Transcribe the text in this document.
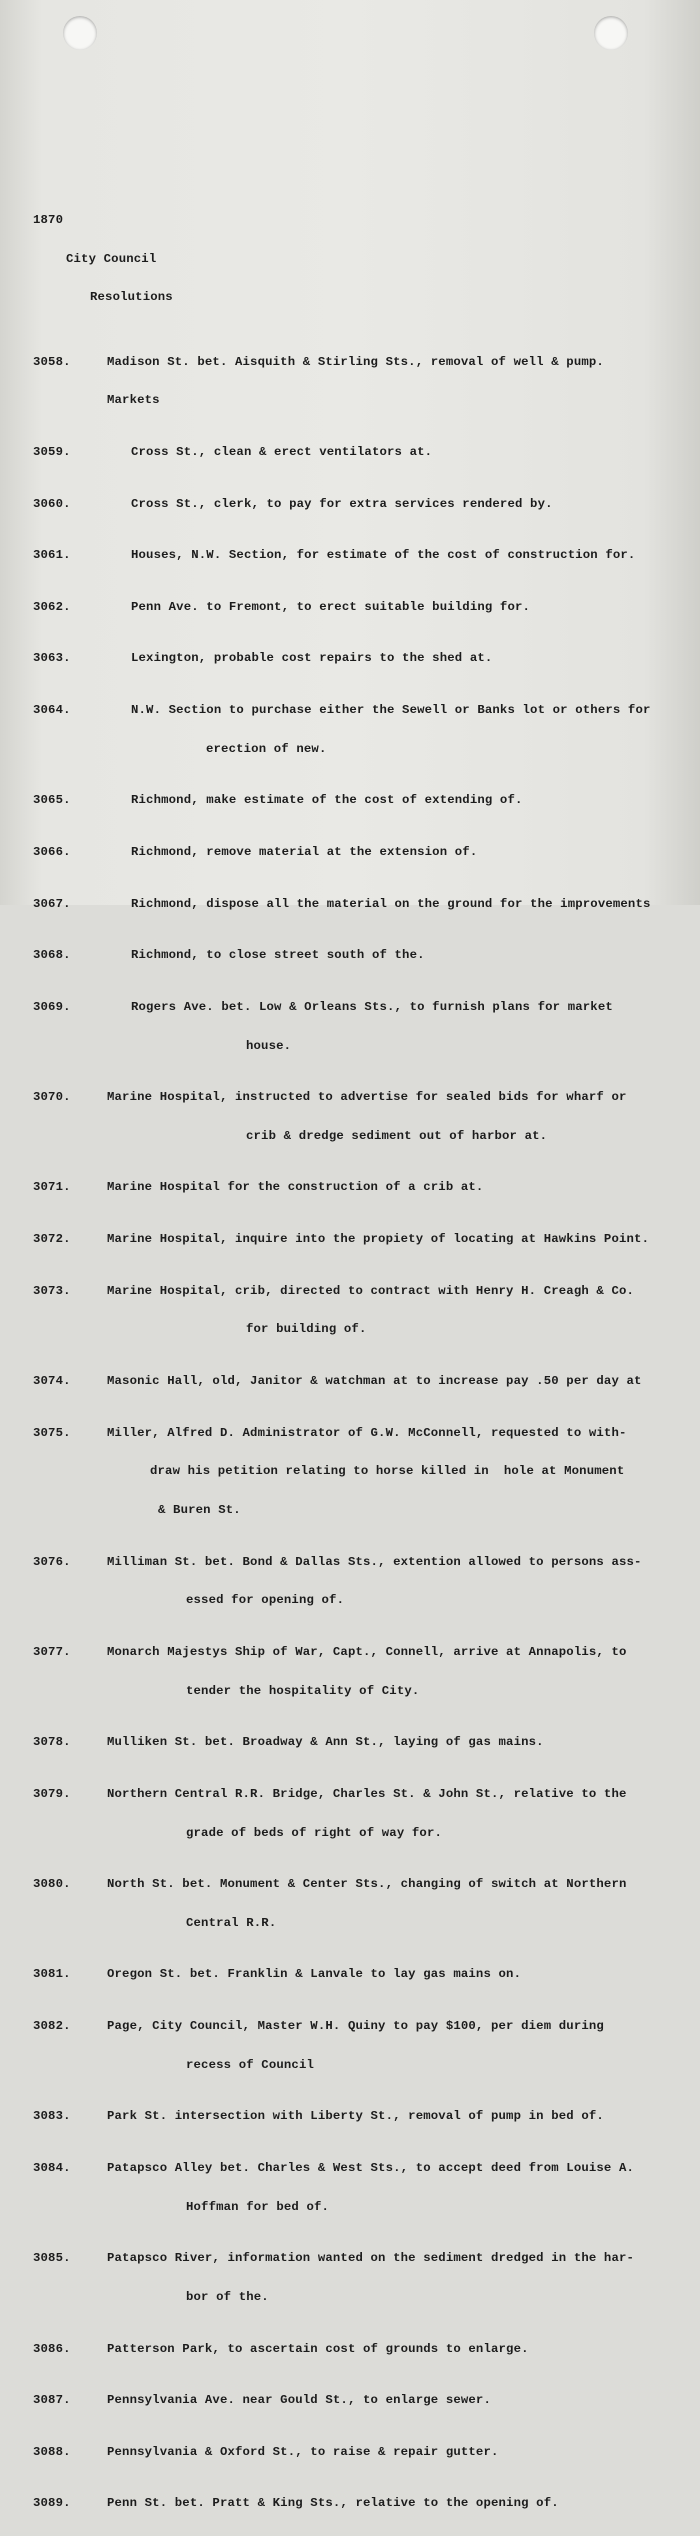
1870

City Council

Resolutions

3058.	Madison St. bet. Aisquith & Stirling Sts., removal of well & pump.

Markets

3059.	Cross St., clean & erect ventilators at.

3060.	Cross St., clerk, to pay for extra services rendered by.

3061.	Houses, N.W. Section, for estimate of the cost of construction for.

3062.	Penn Ave. to Fremont, to erect suitable building for.

3063.	Lexington, probable cost repairs to the shed at.

3064.	N.W. Section to purchase either the Sewell or Banks lot or others for

erection of new.

3065.	Richmond, make estimate of the cost of extending of.

3066.	Richmond, remove material at the extension of.

3067.	Richmond, dispose all the material on the ground for the improvements

3068.	Richmond, to close street south of the.

3069.	Rogers Ave. bet. Low & Orleans Sts., to furnish plans for market

house.

3070.	Marine Hospital, instructed to advertise for sealed bids for wharf or

crib & dredge sediment out of harbor at.

3071.	Marine Hospital for the construction of a crib at.

3072.	Marine Hospital, inquire into the propiety of locating at Hawkins Point.

3073.	Marine Hospital, crib, directed to contract with Henry H. Creagh & Co.

for building of.

3074.	Masonic Hall, old, Janitor & watchman at to increase pay .50 per day at

3075.	Miller, Alfred D. Administrator of G.W. McConnell, requested to with-

draw his petition relating to horse killed in  hole at Monument

& Buren St.

3076.	Milliman St. bet. Bond & Dallas Sts., extention allowed to persons ass-

essed for opening of.

3077.	Monarch Majestys Ship of War, Capt., Connell, arrive at Annapolis, to

tender the hospitality of City.

3078.	Mulliken St. bet. Broadway & Ann St., laying of gas mains.

3079.	Northern Central R.R. Bridge, Charles St. & John St., relative to the

grade of beds of right of way for.

3080.	North St. bet. Monument & Center Sts., changing of switch at Northern

Central R.R.

3081.	Oregon St. bet. Franklin & Lanvale to lay gas mains on.

3082.	Page, City Council, Master W.H. Quiny to pay $100, per diem during

recess of Council

3083.	Park St. intersection with Liberty St., removal of pump in bed of.

3084.	Patapsco Alley bet. Charles & West Sts., to accept deed from Louise A.

Hoffman for bed of.

3085.	Patapsco River, information wanted on the sediment dredged in the har-

bor of the.

3086.	Patterson Park, to ascertain cost of grounds to enlarge.

3087.	Pennsylvania Ave. near Gould St., to enlarge sewer.

3088.	Pennsylvania & Oxford St., to raise & repair gutter.

3089.	Penn St. bet. Pratt & King Sts., relative to the opening of.
